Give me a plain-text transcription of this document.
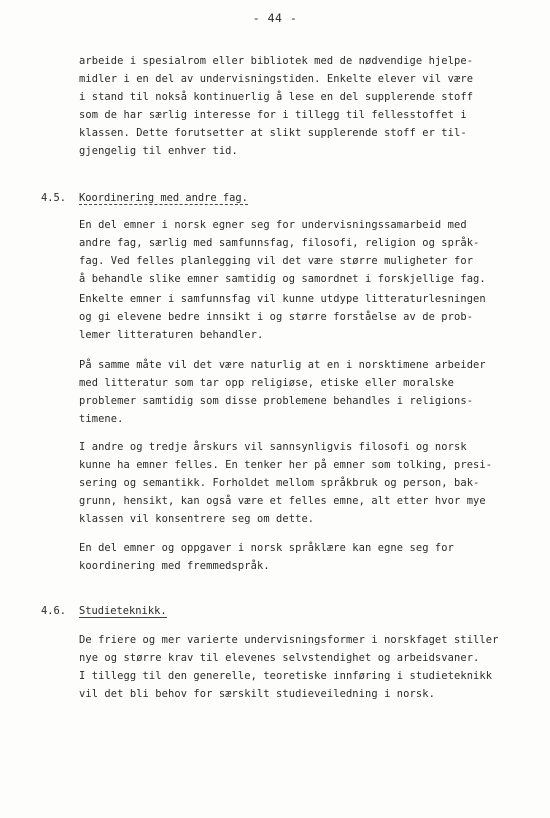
- 44 -
arbeide i spesialrom eller bibliotek med de nødvendige hjelpe-
midler i en del av undervisningstiden. Enkelte elever vil være
i stand til nokså kontinuerlig å lese en del supplerende stoff
som de har særlig interesse for i tillegg til fellesstoffet i
klassen. Dette forutsetter at slikt supplerende stoff er til-
gjengelig til enhver tid.
4.5. Koordinering med andre fag.
En del emner i norsk egner seg for undervisningssamarbeid med
andre fag, særlig med samfunnsfag, filosofi, religion og språk-
fag. Ved felles planlegging vil det være større muligheter for
å behandle slike emner samtidig og samordnet i forskjellige fag.
Enkelte emner i samfunnsfag vil kunne utdype litteraturlesningen
og gi elevene bedre innsikt i og større forståelse av de prob-
lemer litteraturen behandler.
På samme måte vil det være naturlig at en i norsktimene arbeider
med litteratur som tar opp religiøse, etiske eller moralske
problemer samtidig som disse problemene behandles i religions-
timene.
I andre og tredje årskurs vil sannsynligvis filosofi og norsk
kunne ha emner felles. En tenker her på emner som tolking, presi-
sering og semantikk. Forholdet mellom språkbruk og person, bak-
grunn, hensikt, kan også være et felles emne, alt etter hvor mye
klassen vil konsentrere seg om dette.
En del emner og oppgaver i norsk språklære kan egne seg for
koordinering med fremmedspråk.
4.6. Studieteknikk.
De friere og mer varierte undervisningsformer i norskfaget stiller
nye og større krav til elevenes selvstendighet og arbeidsvaner.
I tillegg til den generelle, teoretiske innføring i studieteknikk
vil det bli behov for særskilt studieveiledning i norsk.
